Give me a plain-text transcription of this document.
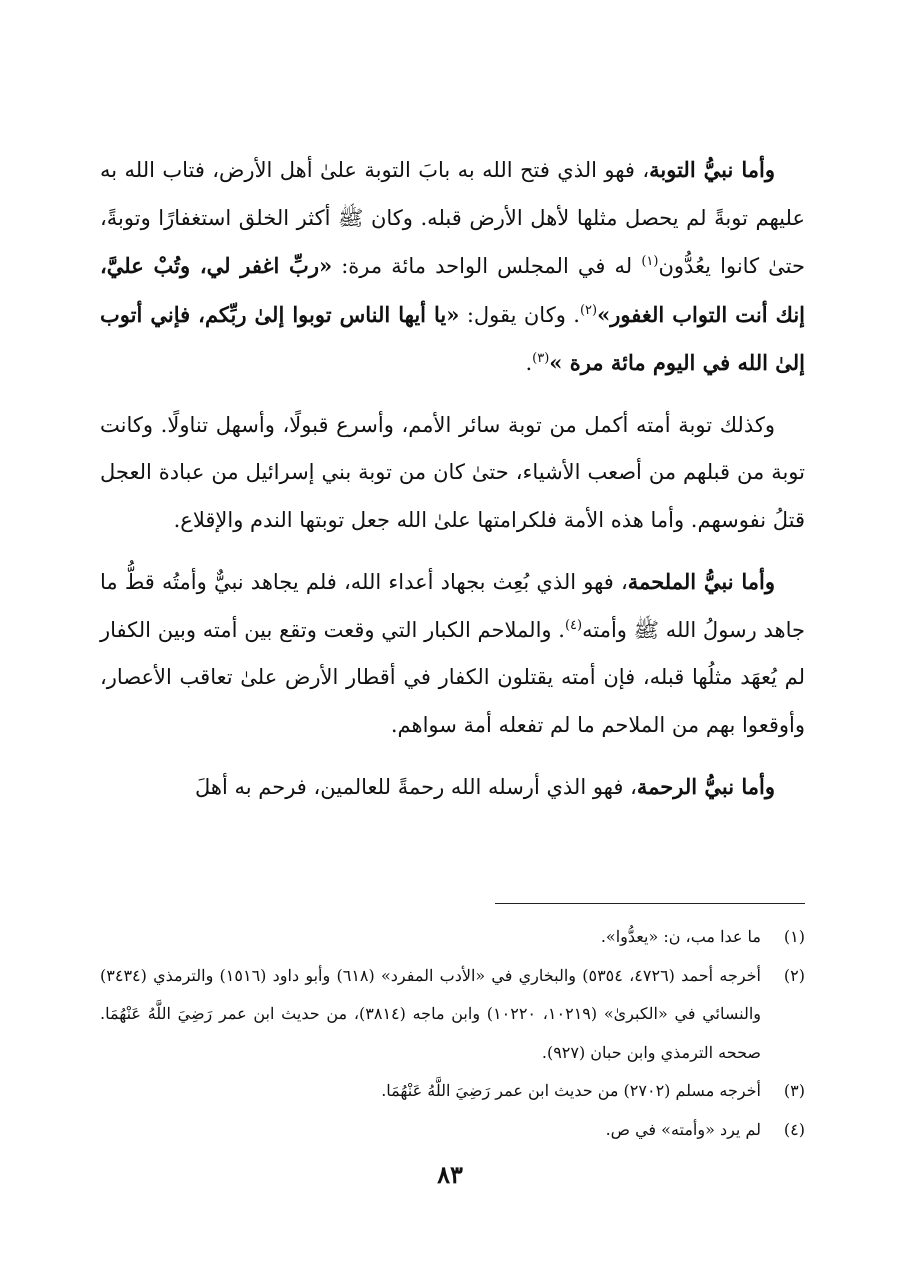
وأما نبيُّ التوبة، فهو الذي فتح الله به بابَ التوبة علىٰ أهل الأرض، فتاب الله به عليهم توبةً لم يحصل مثلها لأهل الأرض قبله. وكان ﷺ أكثر الخلق استغفارًا وتوبةً، حتىٰ كانوا يعُدُّون$^{(١)}$ له في المجلس الواحد مائة مرة: «ربِّ اغفر لي، وتُبْ عليَّ، إنك أنت التواب الغفور»$^{(٢)}$. وكان يقول: «يا أيها الناس توبوا إلىٰ ربِّكم، فإني أتوب إلىٰ الله في اليوم مائة مرة »$^{(٣)}$.

وكذلك توبة أمته أكمل من توبة سائر الأمم، وأسرع قبولًا، وأسهل تناولًا. وكانت توبة من قبلهم من أصعب الأشياء، حتىٰ كان من توبة بني إسرائيل من عبادة العجل قتلُ نفوسهم. وأما هذه الأمة فلكرامتها علىٰ الله جعل توبتها الندم والإقلاع.

وأما نبيُّ الملحمة، فهو الذي بُعِث بجهاد أعداء الله، فلم يجاهد نبيٌّ وأمتُه قطُّ ما جاهد رسولُ الله ﷺ وأمته$^{(٤)}$. والملاحم الكبار التي وقعت وتقع بين أمته وبين الكفار لم يُعهَد مثلُها قبله، فإن أمته يقتلون الكفار في أقطار الأرض علىٰ تعاقب الأعصار، وأوقعوا بهم من الملاحم ما لم تفعله أمة سواهم.

وأما نبيُّ الرحمة، فهو الذي أرسله الله رحمةً للعالمين، فرحم به أهلَ

(١)
ما عدا مب، ن: «يعدُّوا».
(٢)
أخرجه أحمد (٤٧٢٦، ٥٣٥٤) والبخاري في «الأدب المفرد» (٦١٨) وأبو داود (١٥١٦) والترمذي (٣٤٣٤) والنسائي في «الكبرىٰ» (١٠٢١٩، ١٠٢٢٠) وابن ماجه (٣٨١٤)، من حديث ابن عمر رَضِيَ اللَّهُ عَنْهُمَا. صححه الترمذي وابن حبان (٩٢٧).
(٣)
أخرجه مسلم (٢٧٠٢) من حديث ابن عمر رَضِيَ اللَّهُ عَنْهُمَا.
(٤)
لم يرد «وأمته» في ص.
٨٣
